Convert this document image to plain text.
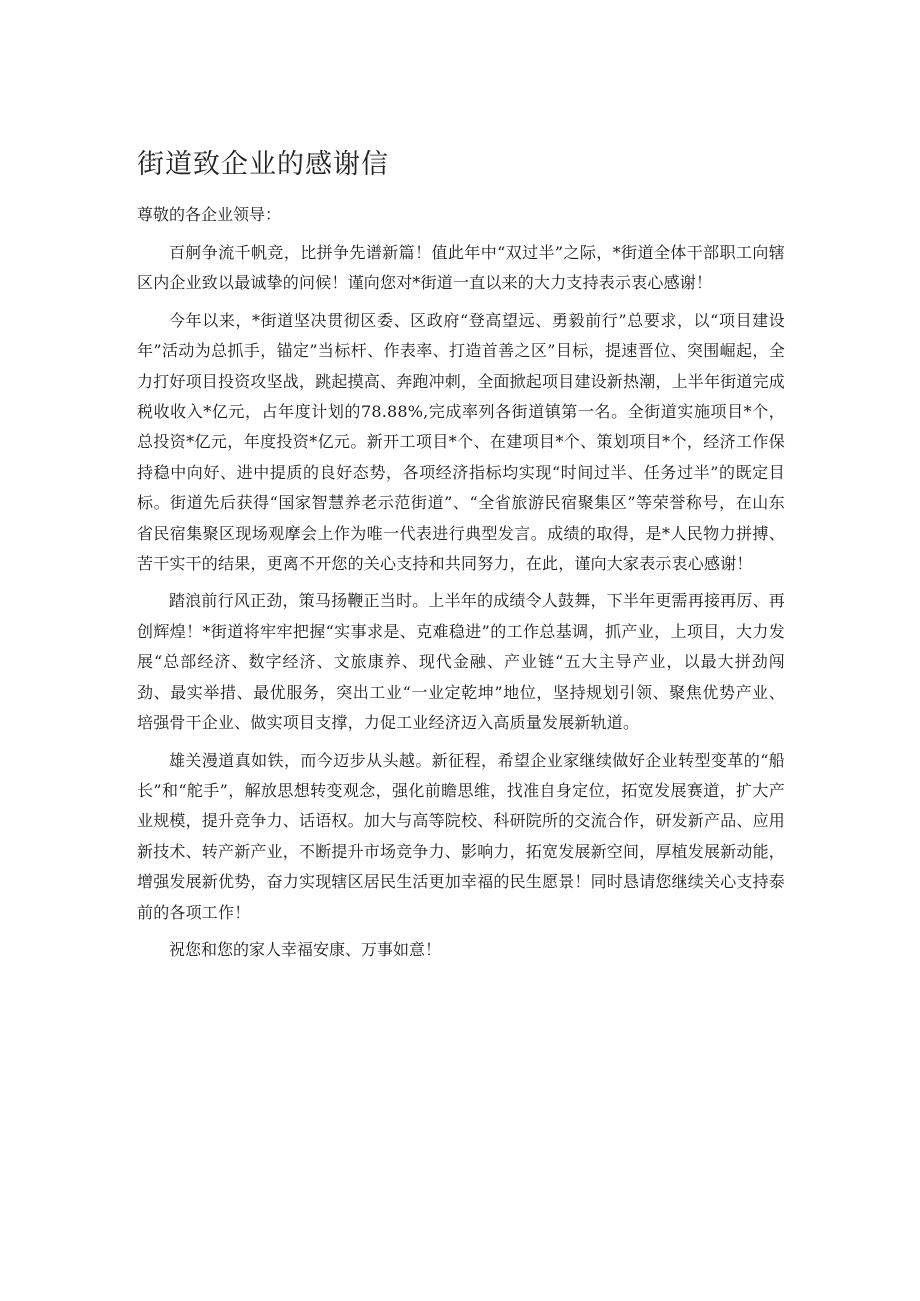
街道致企业的感谢信

尊敬的各企业领导：

百舸争流千帆竞，比拼争先谱新篇！值此年中“双过半”之际，*街道全体干部职工向辖区内企业致以最诚挚的问候！谨向您对*街道一直以来的大力支持表示衷心感谢！

今年以来，*街道坚决贯彻区委、区政府“登高望远、勇毅前行”总要求，以“项目建设年”活动为总抓手，锚定”当标杆、作表率、打造首善之区”目标，提速晋位、突围崛起，全力打好项目投资攻坚战，跳起摸高、奔跑冲刺，全面掀起项目建设新热潮，上半年街道完成税收收入*亿元，占年度计划的78.88%,完成率列各街道镇第一名。全街道实施项目*个，总投资*亿元，年度投资*亿元。新开工项目*个、在建项目*个、策划项目*个，经济工作保持稳中向好、进中提质的良好态势，各项经济指标均实现“时间过半、任务过半”的既定目标。街道先后获得“国家智慧养老示范街道”、“全省旅游民宿聚集区”等荣誉称号，在山东省民宿集聚区现场观摩会上作为唯一代表进行典型发言。成绩的取得，是*人民物力拼搏、苦干实干的结果，更离不开您的关心支持和共同努力，在此，谨向大家表示衷心感谢！

踏浪前行风正劲，策马扬鞭正当时。上半年的成绩令人鼓舞，下半年更需再接再厉、再创辉煌！*街道将牢牢把握“实事求是、克难稳进”的工作总基调，抓产业，上项目，大力发展“总部经济、数字经济、文旅康养、现代金融、产业链“五大主导产业，以最大拼劲闯劲、最实举措、最优服务，突出工业“一业定乾坤”地位，坚持规划引领、聚焦优势产业、培强骨干企业、做实项目支撑，力促工业经济迈入高质量发展新轨道。

雄关漫道真如铁，而今迈步从头越。新征程，希望企业家继续做好企业转型变革的“船长”和“舵手”，解放思想转变观念，强化前瞻思维，找准自身定位，拓宽发展赛道，扩大产业规模，提升竞争力、话语权。加大与高等院校、科研院所的交流合作，研发新产品、应用新技术、转产新产业，不断提升市场竞争力、影响力，拓宽发展新空间，厚植发展新动能，增强发展新优势，奋力实现辖区居民生活更加幸福的民生愿景！同时恳请您继续关心支持泰前的各项工作！

祝您和您的家人幸福安康、万事如意！
